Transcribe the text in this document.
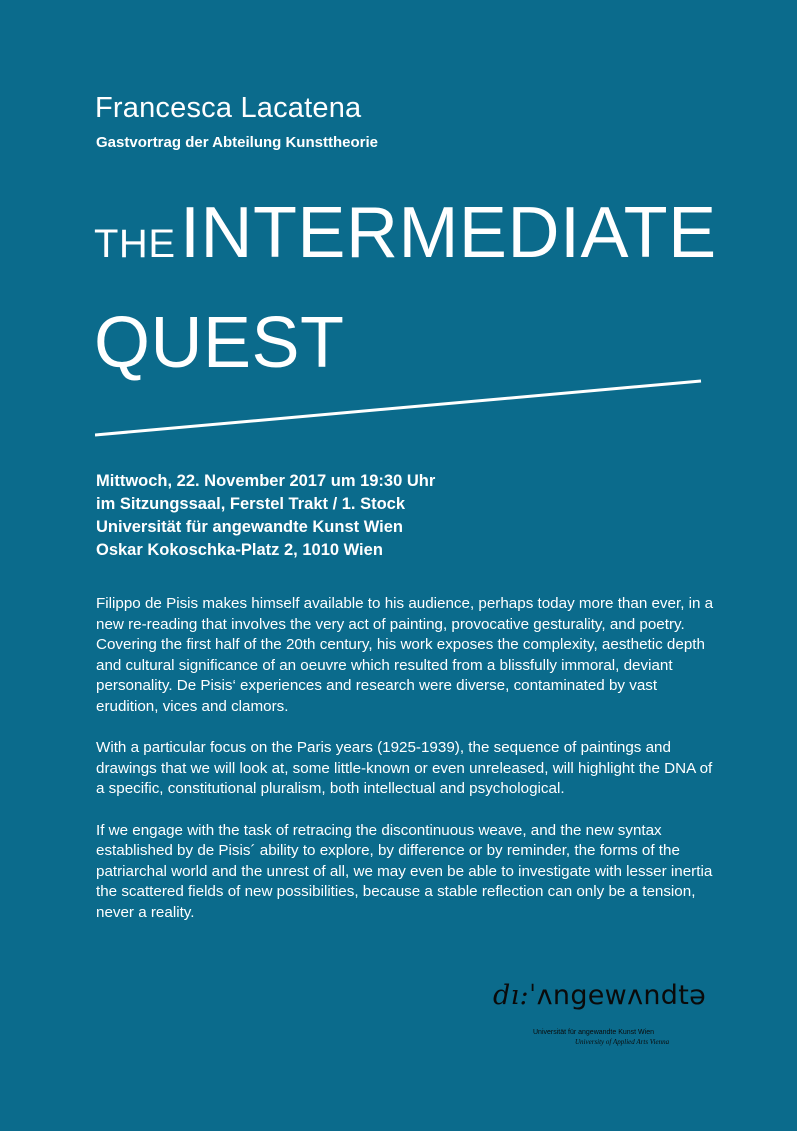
Francesca Lacatena
Gastvortrag der Abteilung Kunsttheorie
THE INTERMEDIATE
QUEST
Mittwoch, 22. November 2017 um 19:30 Uhr
im Sitzungssaal, Ferstel Trakt / 1. Stock
Universität für angewandte Kunst Wien
Oskar Kokoschka-Platz 2, 1010 Wien

Filippo de Pisis makes himself available to his audience, perhaps today more than ever, in a new re-reading that involves the very act of painting, provocative gesturality, and poetry. Covering the first half of the 20th century, his work exposes the complexity, aesthetic depth and cultural significance of an oeuvre which resulted from a blissfully immoral, deviant personality. De Pisis‘ experiences and research were diverse, contaminated by vast erudition, vices and clamors.

With a particular focus on the Paris years (1925-1939), the sequence of paintings and drawings that we will look at, some little-known or even unreleased, will highlight the DNA of a specific, constitutional pluralism, both intellectual and psychological.

If we engage with the task of retracing the discontinuous weave, and the new syntax established by de Pisis´ ability to explore, by difference or by reminder, the forms of the patriarchal world and the unrest of all, we may even be able to investigate with lesser inertia the scattered fields of new possibilities, because a stable reflection can only be a tension, never a reality.

dı:ˈʌngewʌndtə
Universität für angewandte Kunst Wien
University of Applied Arts Vienna
